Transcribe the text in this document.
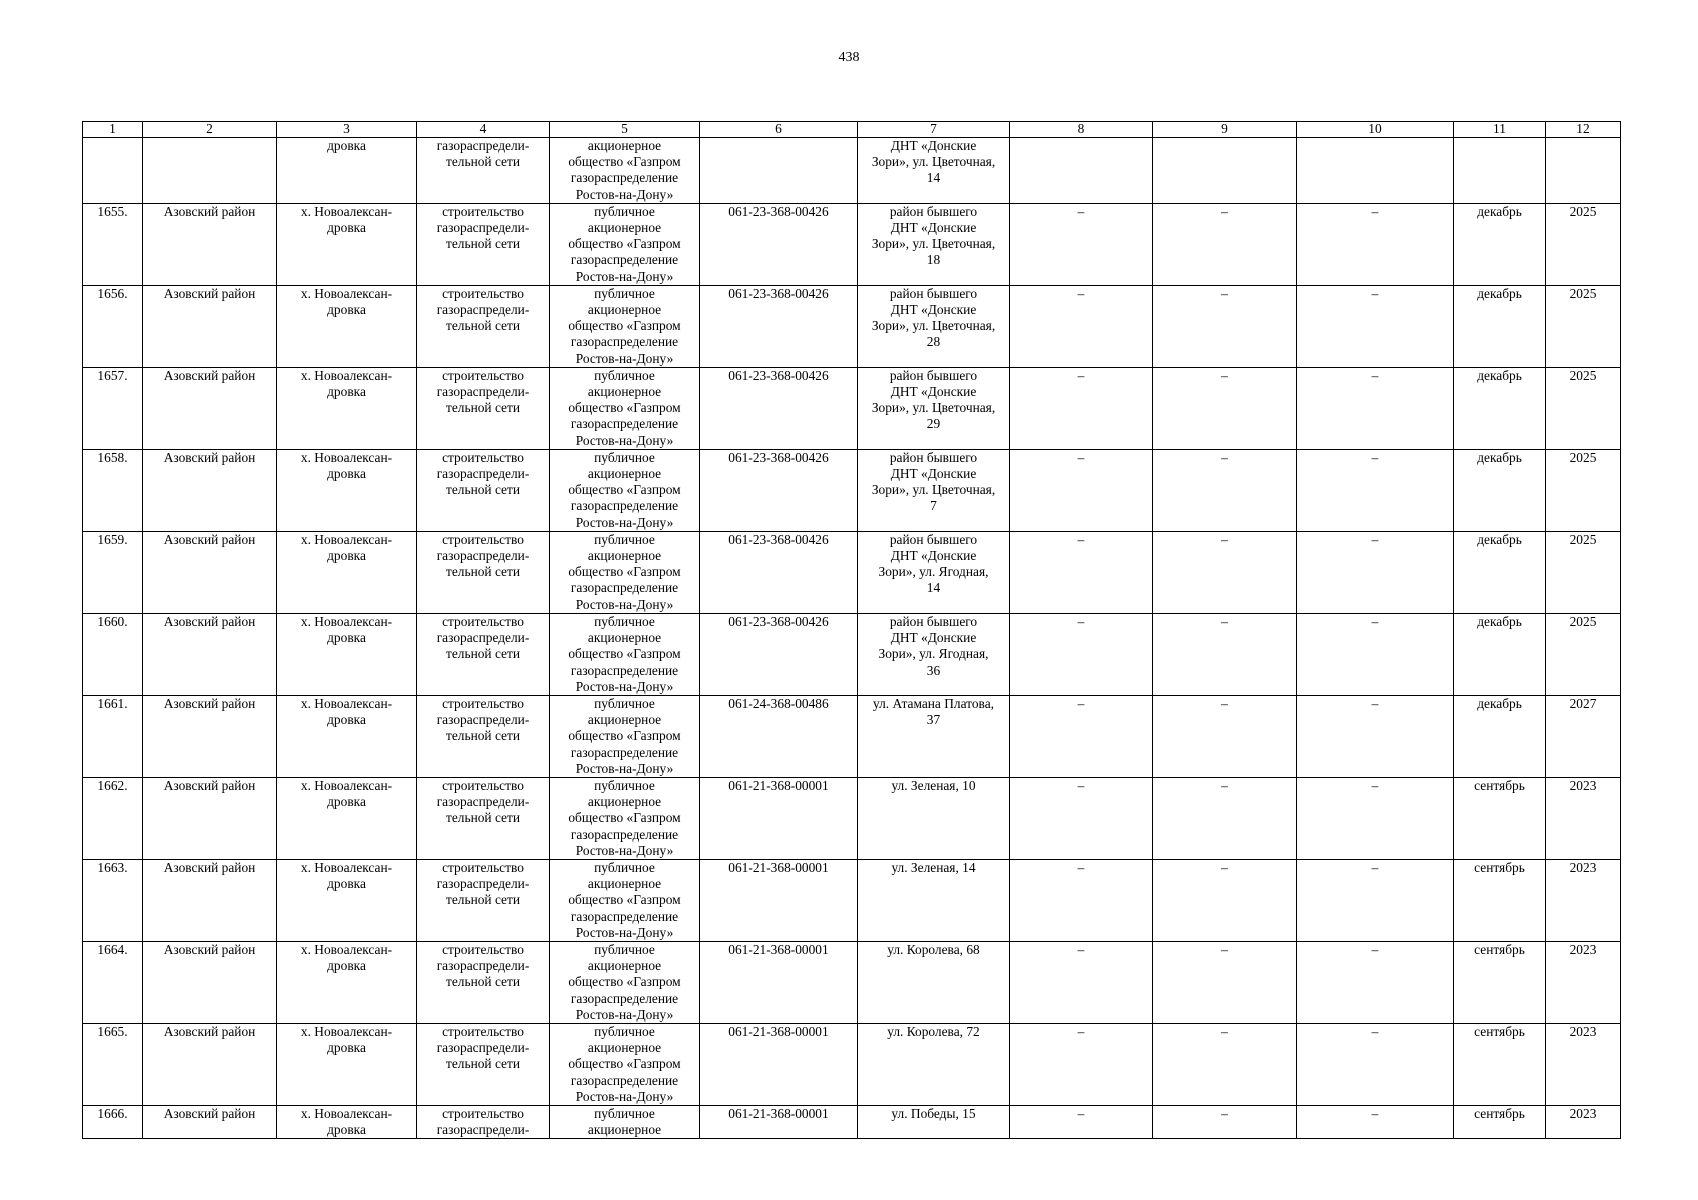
438
1	2	3	4	5	6	7	8	9	10	11	12
		дровка	газораспредели-
тельной сети	акционерное
общество «Газпром
газораспределение
Ростов-на-Дону»		ДНТ «Донские
Зори», ул. Цветочная,
14					
1655.	Азовский район	х. Новоалексан-
дровка	строительство
газораспредели-
тельной сети	публичное
акционерное
общество «Газпром
газораспределение
Ростов-на-Дону»	061-23-368-00426	район бывшего
ДНТ «Донские
Зори», ул. Цветочная,
18	–	–	–	декабрь	2025
1656.	Азовский район	х. Новоалексан-
дровка	строительство
газораспредели-
тельной сети	публичное
акционерное
общество «Газпром
газораспределение
Ростов-на-Дону»	061-23-368-00426	район бывшего
ДНТ «Донские
Зори», ул. Цветочная,
28	–	–	–	декабрь	2025
1657.	Азовский район	х. Новоалексан-
дровка	строительство
газораспредели-
тельной сети	публичное
акционерное
общество «Газпром
газораспределение
Ростов-на-Дону»	061-23-368-00426	район бывшего
ДНТ «Донские
Зори», ул. Цветочная,
29	–	–	–	декабрь	2025
1658.	Азовский район	х. Новоалексан-
дровка	строительство
газораспредели-
тельной сети	публичное
акционерное
общество «Газпром
газораспределение
Ростов-на-Дону»	061-23-368-00426	район бывшего
ДНТ «Донские
Зори», ул. Цветочная,
7	–	–	–	декабрь	2025
1659.	Азовский район	х. Новоалексан-
дровка	строительство
газораспредели-
тельной сети	публичное
акционерное
общество «Газпром
газораспределение
Ростов-на-Дону»	061-23-368-00426	район бывшего
ДНТ «Донские
Зори», ул. Ягодная,
14	–	–	–	декабрь	2025
1660.	Азовский район	х. Новоалексан-
дровка	строительство
газораспредели-
тельной сети	публичное
акционерное
общество «Газпром
газораспределение
Ростов-на-Дону»	061-23-368-00426	район бывшего
ДНТ «Донские
Зори», ул. Ягодная,
36	–	–	–	декабрь	2025
1661.	Азовский район	х. Новоалексан-
дровка	строительство
газораспредели-
тельной сети	публичное
акционерное
общество «Газпром
газораспределение
Ростов-на-Дону»	061-24-368-00486	ул. Атамана Платова,
37	–	–	–	декабрь	2027
1662.	Азовский район	х. Новоалексан-
дровка	строительство
газораспредели-
тельной сети	публичное
акционерное
общество «Газпром
газораспределение
Ростов-на-Дону»	061-21-368-00001	ул. Зеленая, 10	–	–	–	сентябрь	2023
1663.	Азовский район	х. Новоалексан-
дровка	строительство
газораспредели-
тельной сети	публичное
акционерное
общество «Газпром
газораспределение
Ростов-на-Дону»	061-21-368-00001	ул. Зеленая, 14	–	–	–	сентябрь	2023
1664.	Азовский район	х. Новоалексан-
дровка	строительство
газораспредели-
тельной сети	публичное
акционерное
общество «Газпром
газораспределение
Ростов-на-Дону»	061-21-368-00001	ул. Королева, 68	–	–	–	сентябрь	2023
1665.	Азовский район	х. Новоалексан-
дровка	строительство
газораспредели-
тельной сети	публичное
акционерное
общество «Газпром
газораспределение
Ростов-на-Дону»	061-21-368-00001	ул. Королева, 72	–	–	–	сентябрь	2023
1666.	Азовский район	х. Новоалексан-
дровка	строительство
газораспредели-	публичное
акционерное	061-21-368-00001	ул. Победы, 15	–	–	–	сентябрь	2023
